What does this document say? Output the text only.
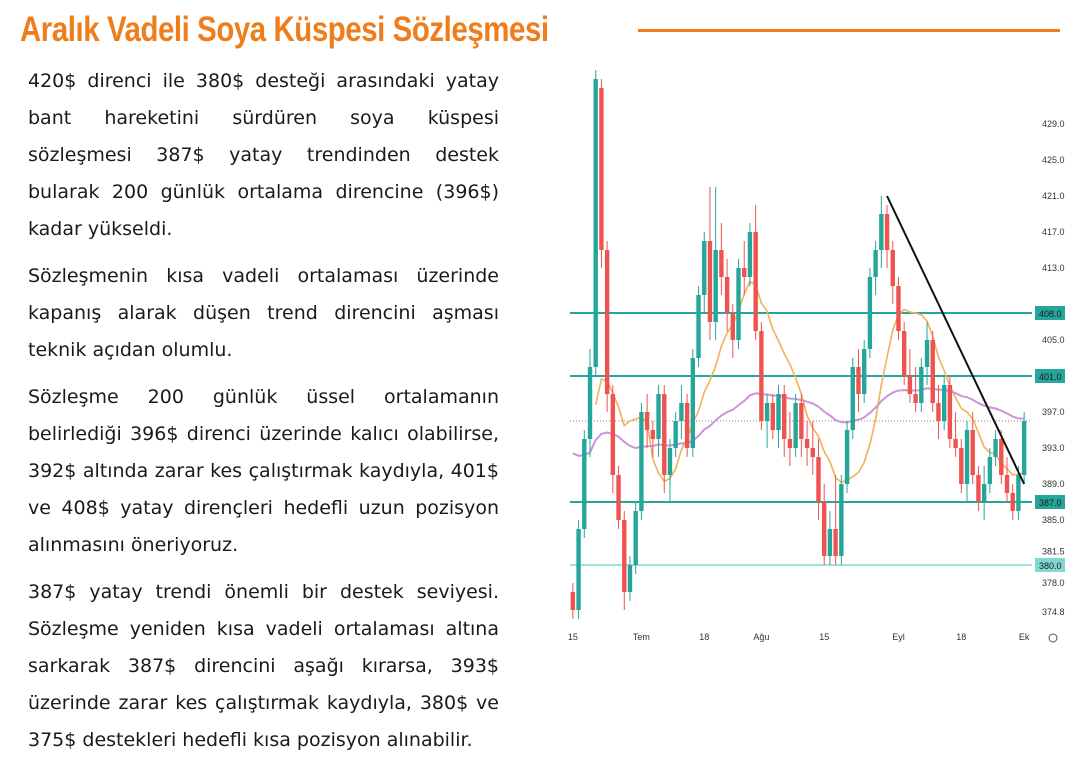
Aralık Vadeli Soya Küspesi Sözleşmesi

420$ direnci ile 380$ desteği arasındaki yatay bant hareketini sürdüren soya küspesi sözleşmesi 387$ yatay trendinden destek bularak 200 günlük ortalama direncine (396$) kadar yükseldi.

Sözleşmenin kısa vadeli ortalaması üzerinde kapanış alarak düşen trend direncini aşması teknik açıdan olumlu.

Sözleşme 200 günlük üssel ortalamanın belirlediği 396$ direnci üzerinde kalıcı olabilirse, 392$ altında zarar kes çalıştırmak kaydıyla, 401$ ve 408$ yatay dirençleri hedefli uzun pozisyon alınmasını öneriyoruz.

387$ yatay trendi önemli bir destek seviyesi. Sözleşme yeniden kısa vadeli ortalaması altına sarkarak 387$ direncini aşağı kırarsa, 393$ üzerinde zarar kes çalıştırmak kaydıyla, 380$ ve 375$ destekleri hedefli kısa pozisyon alınabilir.

408.0
401.0
387.0
380.0
429.0
425.0
421.0
417.0
413.0
405.0
397.0
393.0
389.0
385.0
381.5
378.0
374.8
15	Tem	18	Ağu	15	Eyl	18	Ek
